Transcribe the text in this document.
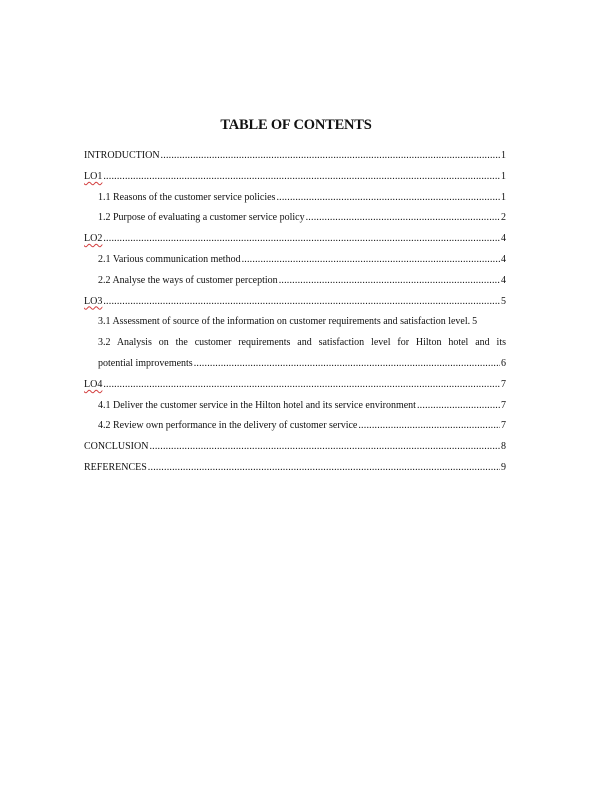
TABLE OF CONTENTS
INTRODUCTION .....	1
LO1 .....	1
1.1 Reasons of the customer service policies .....	1
1.2 Purpose of evaluating a customer service policy .....	2
LO2 .....	4
2.1 Various communication method .....	4
2.2 Analyse the ways of customer perception .....	4
LO3 .....	5
3.1 Assessment of source of the information on customer requirements and satisfaction level. 5
3.2 Analysis on the customer requirements and satisfaction level for Hilton hotel and its
potential improvements .....	6
LO4 .....	7
4.1 Deliver the customer service in the Hilton hotel and its service environment .....	7
4.2 Review own performance in the delivery of customer service .....	7
CONCLUSION .....	8
REFERENCES .....	9
